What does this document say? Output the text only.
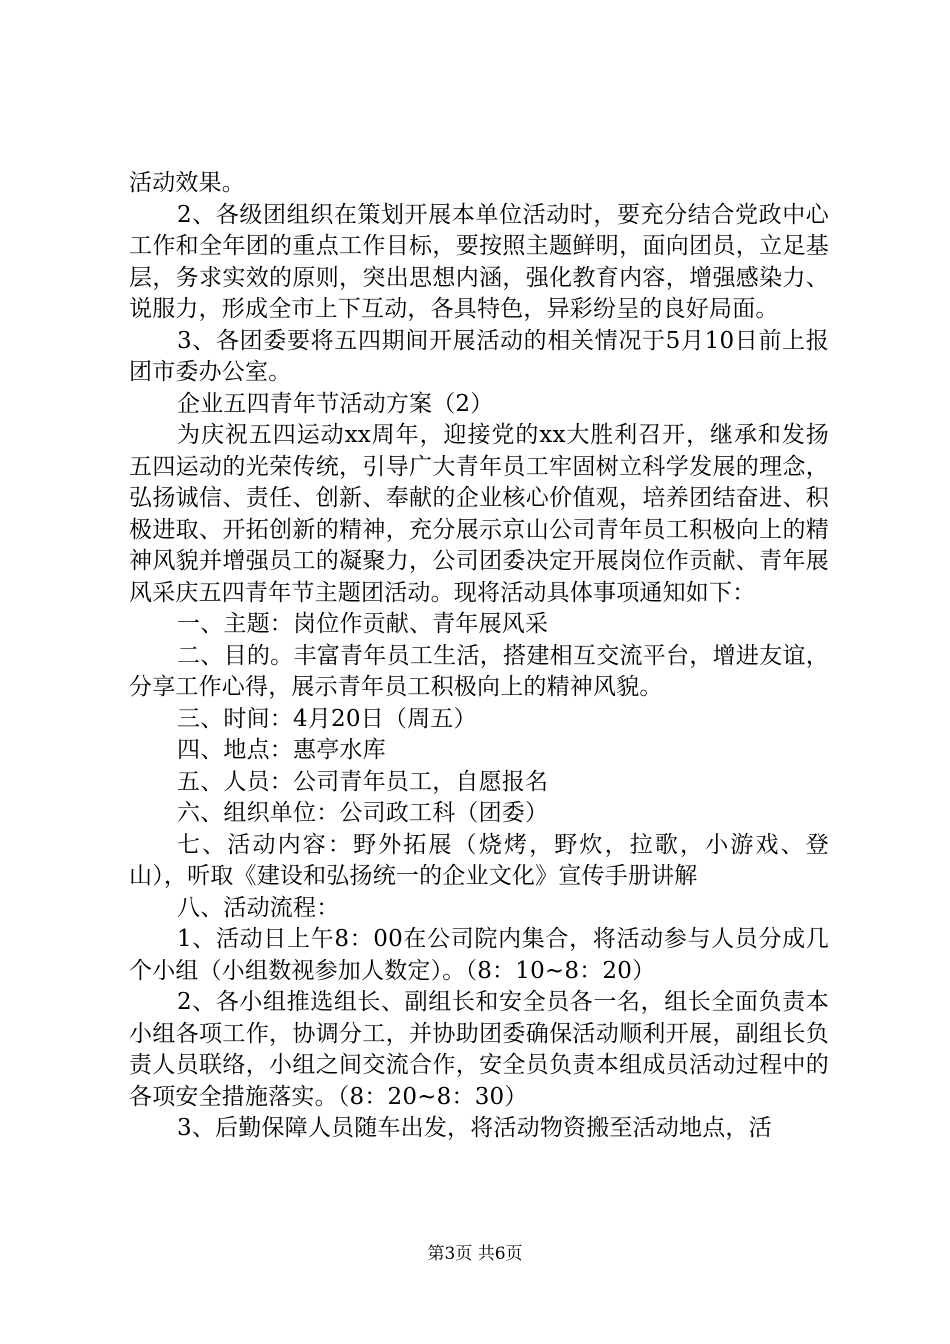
活动效果。

2、各级团组织在策划开展本单位活动时，要充分结合党政中心工作和全年团的重点工作目标，要按照主题鲜明，面向团员，立足基层，务求实效的原则，突出思想内涵，强化教育内容，增强感染力、说服力，形成全市上下互动，各具特色，异彩纷呈的良好局面。

3、各团委要将五四期间开展活动的相关情况于5月10日前上报团市委办公室。

企业五四青年节活动方案（2）

为庆祝五四运动xx周年，迎接党的xx大胜利召开，继承和发扬五四运动的光荣传统，引导广大青年员工牢固树立科学发展的理念，弘扬诚信、责任、创新、奉献的企业核心价值观，培养团结奋进、积极进取、开拓创新的精神，充分展示京山公司青年员工积极向上的精神风貌并增强员工的凝聚力，公司团委决定开展岗位作贡献、青年展风采庆五四青年节主题团活动。现将活动具体事项通知如下：

一、主题：岗位作贡献、青年展风采

二、目的。丰富青年员工生活，搭建相互交流平台，增进友谊，分享工作心得，展示青年员工积极向上的精神风貌。

三、时间：4月20日（周五）

四、地点：惠亭水库

五、人员：公司青年员工，自愿报名

六、组织单位：公司政工科（团委）

七、活动内容：野外拓展（烧烤，野炊，拉歌，小游戏、登山），听取《建设和弘扬统一的企业文化》宣传手册讲解

八、活动流程：

1、活动日上午8：00在公司院内集合，将活动参与人员分成几个小组（小组数视参加人数定）。（8：10~8：20）

2、各小组推选组长、副组长和安全员各一名，组长全面负责本小组各项工作，协调分工，并协助团委确保活动顺利开展，副组长负责人员联络，小组之间交流合作，安全员负责本组成员活动过程中的各项安全措施落实。（8：20~8：30）

3、后勤保障人员随车出发，将活动物资搬至活动地点，活

第3页 共6页
